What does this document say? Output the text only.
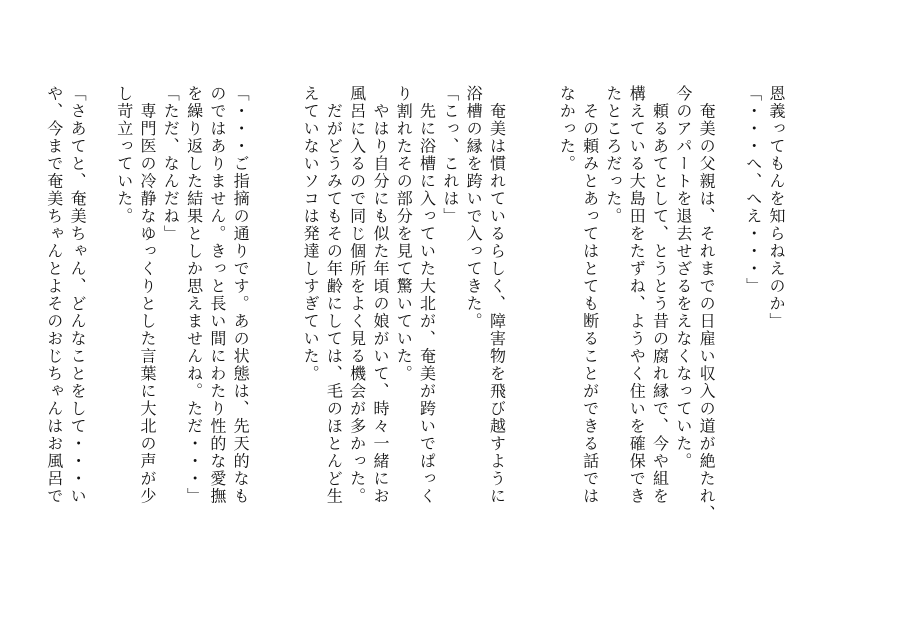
恩義ってもんを知らねえのか」
「・・・へ、へえ・・・」
　奄美の父親は、それまでの日雇い収入の道が絶たれ、
今のアパートを退去せざるをえなくなっていた。
　頼るあてとして、とうとう昔の腐れ縁で、今や組を
構えている大島田をたずね、ようやく住いを確保でき
たところだった。
　その頼みとあってはとても断ることができる話では
なかった。
　奄美は慣れているらしく、障害物を飛び越すように
浴槽の縁を跨いで入ってきた。
「こっ、これは」
　先に浴槽に入っていた大北が、奄美が跨いでぱっく
り割れたその部分を見て驚いていた。
　やはり自分にも似た年頃の娘がいて、時々一緒にお
風呂に入るので同じ個所をよく見る機会が多かった。
　だがどうみてもその年齢にしては、毛のほとんど生
えていないソコは発達しすぎていた。
「・・・ご指摘の通りです。あの状態は、先天的なも
のではありません。きっと長い間にわたり性的な愛撫
を繰り返した結果としか思えませんね。ただ・・・」
「ただ、なんだね」
　専門医の冷静なゆっくりとした言葉に大北の声が少
し苛立っていた。
「さあてと、奄美ちゃん、どんなことをして・・・い
や、今まで奄美ちゃんとよそのおじちゃんはお風呂で
